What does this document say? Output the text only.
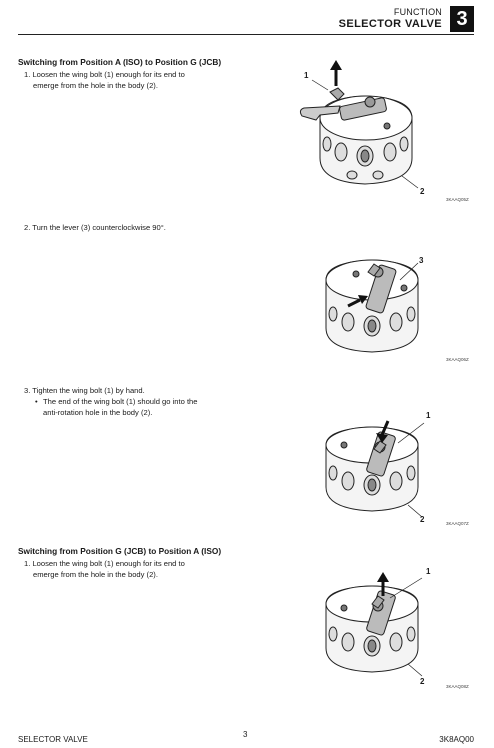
FUNCTION
SELECTOR VALVE 3
Switching from Position A (ISO) to Position G (JCB)
1. Loosen the wing bolt (1) enough for its end to
emerge from the hole in the body (2).
2. Turn the lever (3) counterclockwise 90°.
3. Tighten the wing bolt (1) by hand.
• The end of the wing bolt (1) should go into the
anti-rotation hole in the body (2).
Switching from Position G (JCB) to Position A (ISO)
1. Loosen the wing bolt (1) enough for its end to
emerge from the hole in the body (2).
1
2
3KAAQ05Z
3
3KAAQ06Z
1
2	3KAAQ07Z
1
2
3KAAQ08Z
SELECTOR VALVE
3
3K8AQ00
